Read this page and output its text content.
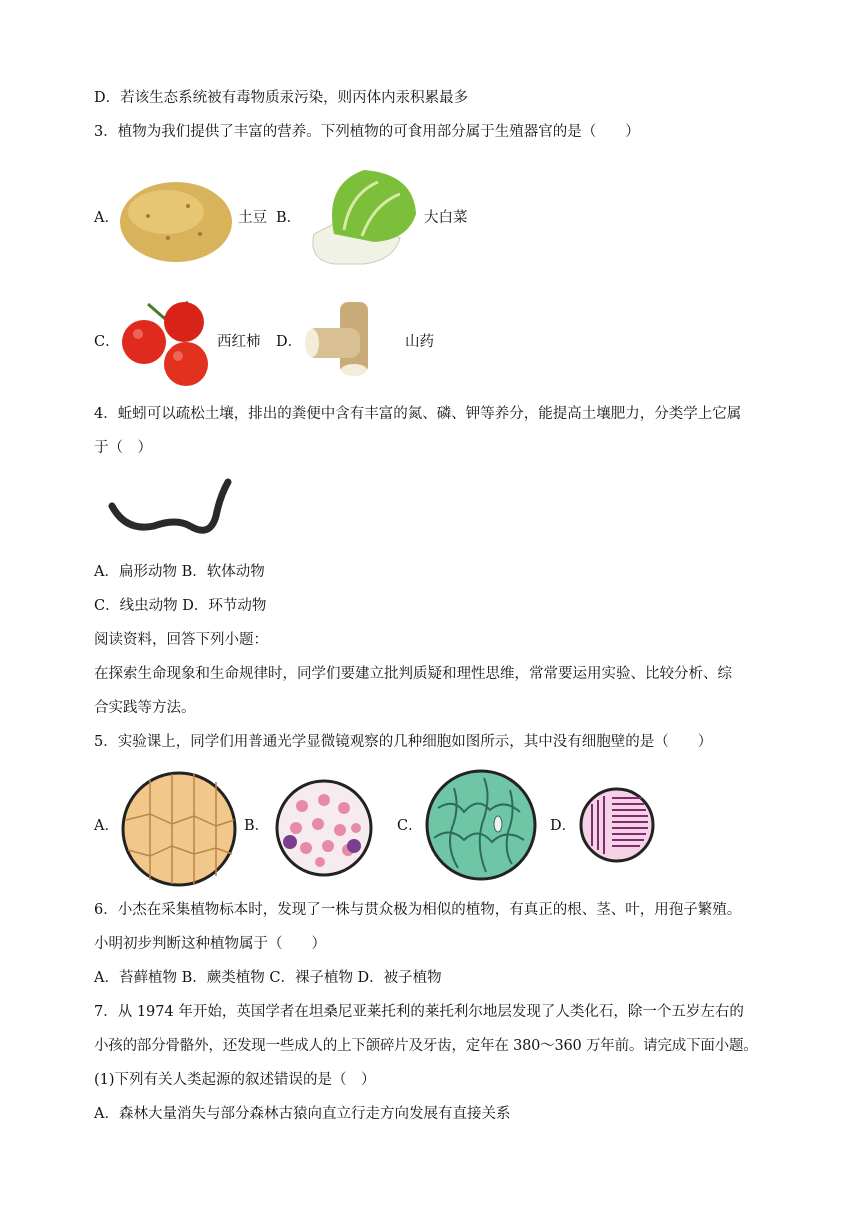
D．若该生态系统被有毒物质汞污染，则丙体内汞积累最多
3．植物为我们提供了丰富的营养。下列植物的可食用部分属于生殖器官的是（　　）
A．	土豆 B．	大白菜
C．	西红柿 D．	山药
4．蚯蚓可以疏松土壤，排出的粪便中含有丰富的氮、磷、钾等养分，能提高土壤肥力，分类学上它属
于（　）
A．扁形动物 B．软体动物
C．线虫动物 D．环节动物
阅读资料，回答下列小题：
在探索生命现象和生命规律时，同学们要建立批判质疑和理性思维，常常要运用实验、比较分析、综
合实践等方法。
5．实验课上，同学们用普通光学显微镜观察的几种细胞如图所示，其中没有细胞壁的是（　　）
A．	B．	C．	D．
6．小杰在采集植物标本时，发现了一株与贯众极为相似的植物，有真正的根、茎、叶，用孢子繁殖。
小明初步判断这种植物属于（　　）
A．苔藓植物 B．蕨类植物 C．裸子植物 D．被子植物
7．从 1974 年开始，英国学者在坦桑尼亚莱托利的莱托利尔地层发现了人类化石，除一个五岁左右的
小孩的部分骨骼外，还发现一些成人的上下颌碎片及牙齿，定年在 380～360 万年前。请完成下面小题。
(1)下列有关人类起源的叙述错误的是（　）
A．森林大量消失与部分森林古猿向直立行走方向发展有直接关系
